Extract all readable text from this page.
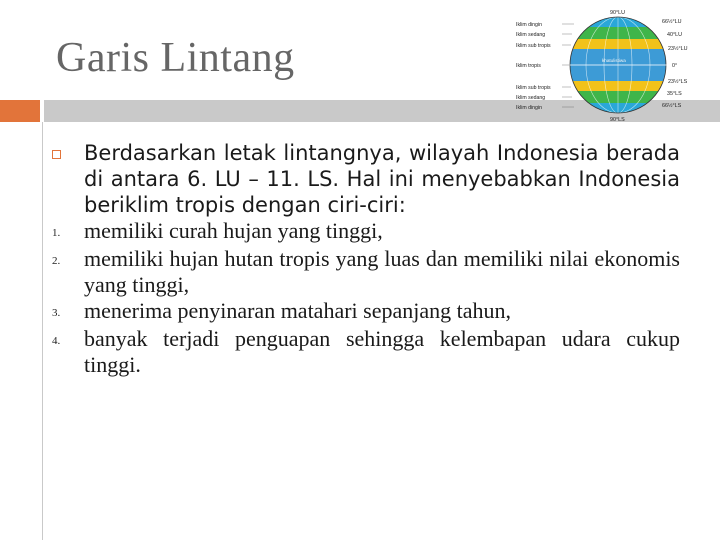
Garis Lintang
Iklim dingin
Iklim sedang
Iklim sub tropis
Iklim tropis
Iklim sub tropis
Iklim sedang
Iklim dingin
90°LU
66½°LU
40°LU
23½°LU
0°
23½°LS
35°LS
66½°LS
90°LS
khatulistiwa
Berdasarkan letak lintangnya, wilayah Indonesia berada di antara 6. LU – 11. LS. Hal ini menyebabkan Indonesia beriklim tropis dengan ciri-ciri:
1.	memiliki curah hujan yang tinggi,
2.	memiliki hujan hutan tropis yang luas dan memiliki nilai ekonomis yang tinggi,
3.	menerima penyinaran matahari sepanjang tahun,
4.	banyak terjadi penguapan sehingga kelembapan udara cukup tinggi.
